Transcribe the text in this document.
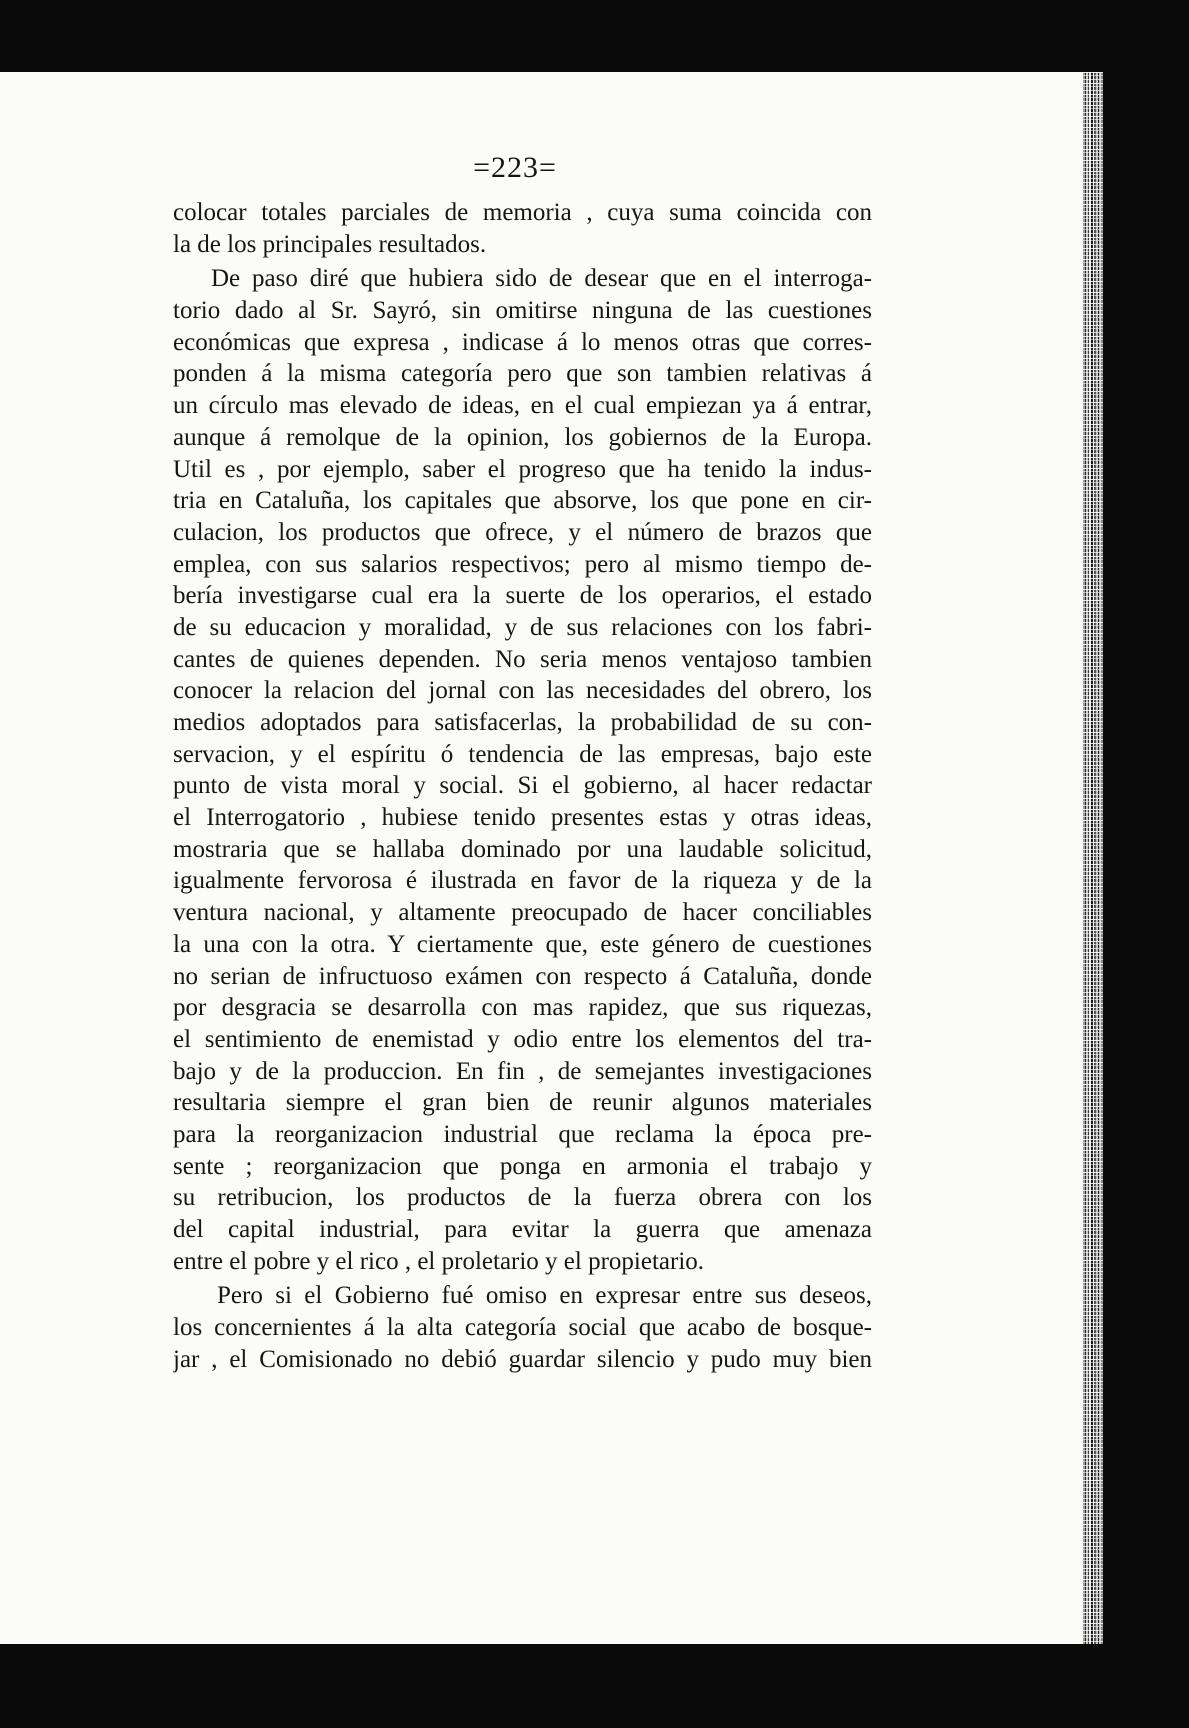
=223=
colocar totales parciales de memoria , cuya suma coincida con
la de los principales resultados.
De paso diré que hubiera sido de desear que en el interroga-
torio dado al Sr. Sayró, sin omitirse ninguna de las cuestiones
económicas que expresa , indicase á lo menos otras que corres-
ponden á la misma categoría pero que son tambien relativas á
un círculo mas elevado de ideas, en el cual empiezan ya á entrar,
aunque á remolque de la opinion, los gobiernos de la Europa.
Util es , por ejemplo, saber el progreso que ha tenido la indus-
tria en Cataluña, los capitales que absorve, los que pone en cir-
culacion, los productos que ofrece, y el número de brazos que
emplea, con sus salarios respectivos; pero al mismo tiempo de-
bería investigarse cual era la suerte de los operarios, el estado
de su educacion y moralidad, y de sus relaciones con los fabri-
cantes de quienes dependen. No seria menos ventajoso tambien
conocer la relacion del jornal con las necesidades del obrero, los
medios adoptados para satisfacerlas, la probabilidad de su con-
servacion, y el espíritu ó tendencia de las empresas, bajo este
punto de vista moral y social. Si el gobierno, al hacer redactar
el Interrogatorio , hubiese tenido presentes estas y otras ideas,
mostraria que se hallaba dominado por una laudable solicitud,
igualmente fervorosa é ilustrada en favor de la riqueza y de la
ventura nacional, y altamente preocupado de hacer conciliables
la una con la otra. Y ciertamente que, este género de cuestiones
no serian de infructuoso exámen con respecto á Cataluña, donde
por desgracia se desarrolla con mas rapidez, que sus riquezas,
el sentimiento de enemistad y odio entre los elementos del tra-
bajo y de la produccion. En fin , de semejantes investigaciones
resultaria siempre el gran bien de reunir algunos materiales
para la reorganizacion industrial que reclama la época pre-
sente ; reorganizacion que ponga en armonia el trabajo y
su retribucion, los productos de la fuerza obrera con los
del capital industrial, para evitar la guerra que amenaza
entre el pobre y el rico , el proletario y el propietario.
Pero si el Gobierno fué omiso en expresar entre sus deseos,
los concernientes á la alta categoría social que acabo de bosque-
jar , el Comisionado no debió guardar silencio y pudo muy bien
